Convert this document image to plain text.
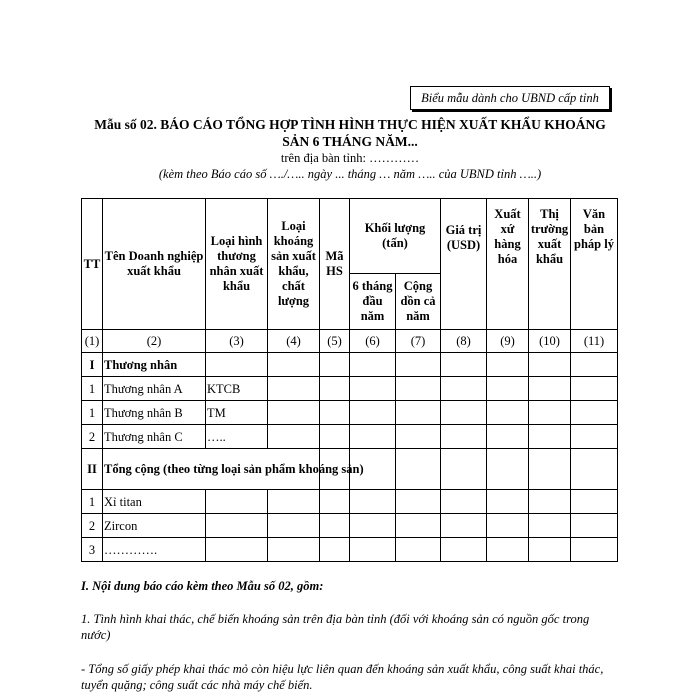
Biểu mẫu dành cho UBND cấp tỉnh
Mẫu số 02. BÁO CÁO TỔNG HỢP TÌNH HÌNH THỰC HIỆN XUẤT KHẨU KHOÁNG
SẢN 6 THÁNG NĂM...
trên địa bàn tỉnh: …………
(kèm theo Báo cáo số …./….. ngày ... tháng … năm ….. của UBND tỉnh …..)
TT	Tên Doanh nghiệp xuất khẩu	Loại hình thương nhân xuất khẩu	Loại khoáng sản xuất khẩu, chất lượng	Mã HS	Khối lượng (tấn)		Giá trị (USD)	Xuất xứ hàng hóa	Thị trường xuất khẩu	Văn bản pháp lý
					6 tháng đầu năm	Cộng dồn cả năm				
(1)	(2)	(3)	(4)	(5)	(6)	(7)	(8)	(9)	(10)	(11)
I	Thương nhân									
1	Thương nhân A	KTCB								
1	Thương nhân B	TM								
2	Thương nhân C	…..								
II	Tổng cộng (theo từng loại sản phẩm khoáng sản)									
1	Xỉ titan									
2	Zircon									
3	………….									
I. Nội dung báo cáo kèm theo Mẫu số 02, gồm:
1. Tình hình khai thác, chế biến khoáng sản trên địa bàn tỉnh (đối với khoáng sản có nguồn gốc trong nước)
- Tổng số giấy phép khai thác mỏ còn hiệu lực liên quan đến khoáng sản xuất khẩu, công suất khai thác, tuyển quặng; công suất các nhà máy chế biến.
